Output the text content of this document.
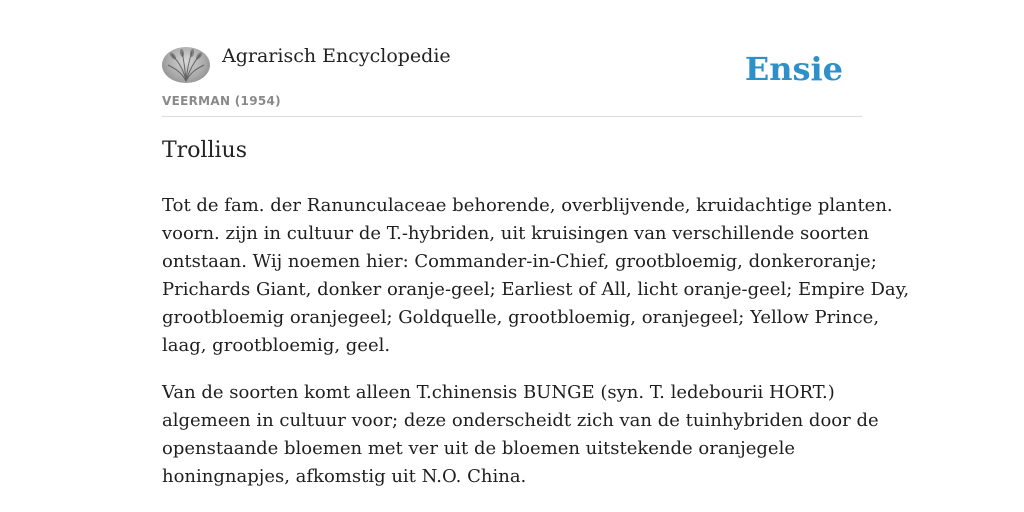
Agrarisch Encyclopedie
VEERMAN (1954)
Ensie
Trollius

Tot de fam. der Ranunculaceae behorende, overblijvende, kruidachtige planten.
voorn. zijn in cultuur de T.-hybriden, uit kruisingen van verschillende soorten
ontstaan. Wij noemen hier: Commander-in-Chief, grootbloemig, donkeroranje;
Prichards Giant, donker oranje-geel; Earliest of All, licht oranje-geel; Empire Day,
grootbloemig oranjegeel; Goldquelle, grootbloemig, oranjegeel; Yellow Prince,
laag, grootbloemig, geel.

Van de soorten komt alleen T.chinensis BUNGE (syn. T. ledebourii HORT.)
algemeen in cultuur voor; deze onderscheidt zich van de tuinhybriden door de
openstaande bloemen met ver uit de bloemen uitstekende oranjegele
honingnapjes, afkomstig uit N.O. China.
